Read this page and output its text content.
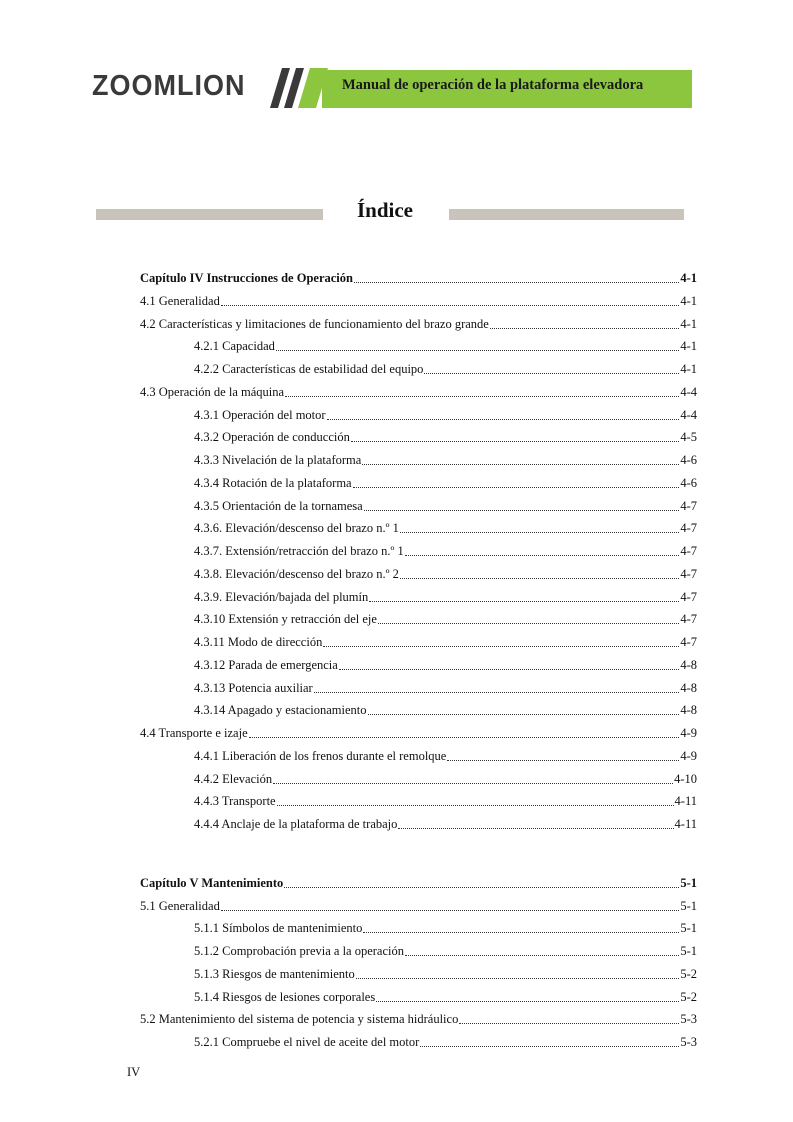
ZOOMLION	Manual de operación de la plataforma elevadora
Índice
Capítulo IV Instrucciones de Operación	4-1
4.1 Generalidad	4-1
4.2 Características y limitaciones de funcionamiento del brazo grande	4-1
4.2.1 Capacidad	4-1
4.2.2 Características de estabilidad del equipo	4-1
4.3 Operación de la máquina	4-4
4.3.1 Operación del motor	4-4
4.3.2 Operación de conducción	4-5
4.3.3 Nivelación de la plataforma	4-6
4.3.4 Rotación de la plataforma	4-6
4.3.5 Orientación de la tornamesa	4-7
4.3.6. Elevación/descenso del brazo n.º 1	4-7
4.3.7. Extensión/retracción del brazo n.º 1	4-7
4.3.8. Elevación/descenso del brazo n.º 2	4-7
4.3.9. Elevación/bajada del plumín	4-7
4.3.10 Extensión y retracción del eje	4-7
4.3.11 Modo de dirección	4-7
4.3.12 Parada de emergencia	4-8
4.3.13 Potencia auxiliar	4-8
4.3.14 Apagado y estacionamiento	4-8
4.4 Transporte e izaje	4-9
4.4.1 Liberación de los frenos durante el remolque	4-9
4.4.2 Elevación	4-10
4.4.3 Transporte	4-11
4.4.4 Anclaje de la plataforma de trabajo	4-11
Capítulo V Mantenimiento	5-1
5.1 Generalidad	5-1
5.1.1 Símbolos de mantenimiento	5-1
5.1.2 Comprobación previa a la operación	5-1
5.1.3 Riesgos de mantenimiento	5-2
5.1.4 Riesgos de lesiones corporales	5-2
5.2 Mantenimiento del sistema de potencia y sistema hidráulico	5-3
5.2.1 Compruebe el nivel de aceite del motor	5-3
IV
